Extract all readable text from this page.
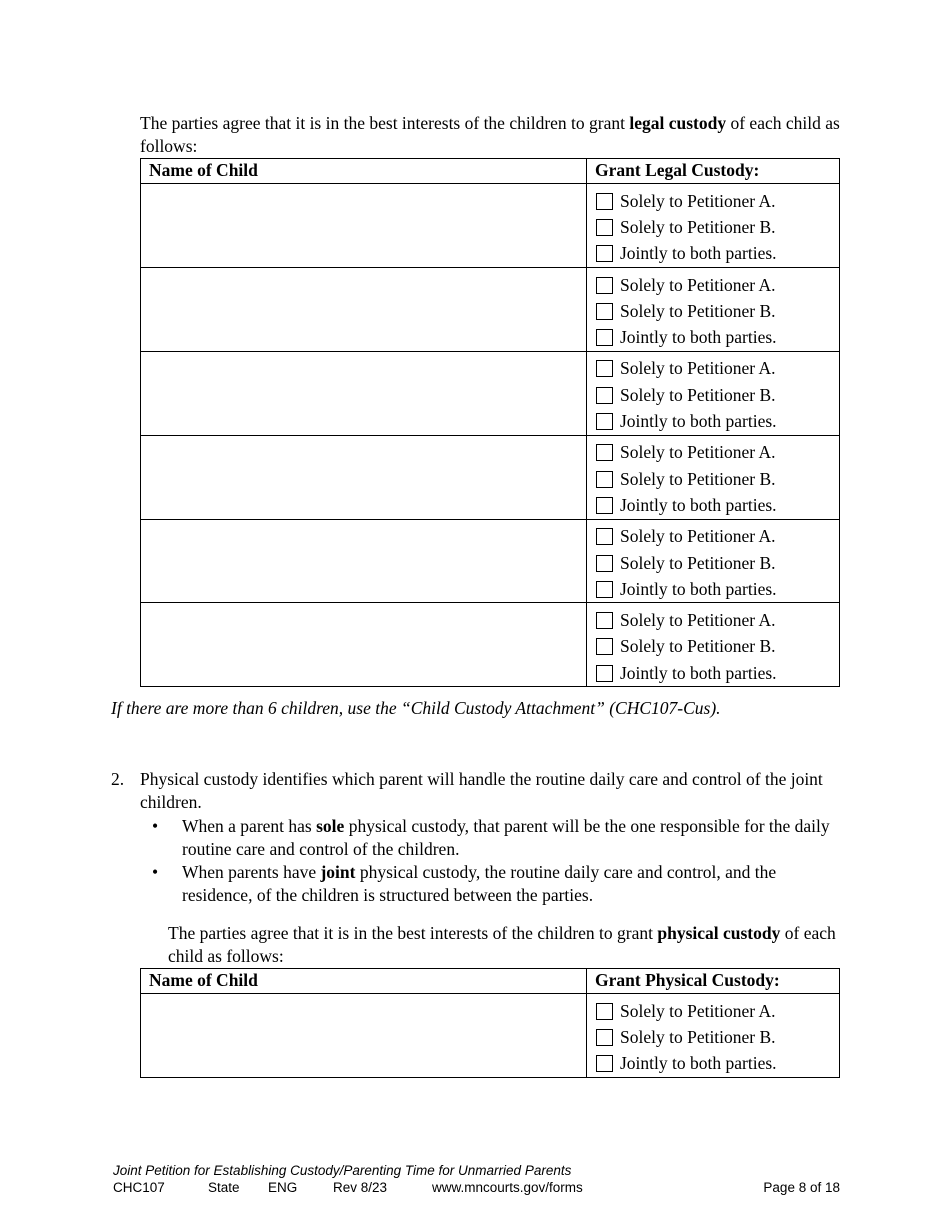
The parties agree that it is in the best interests of the children to grant legal custody of each child as follows:
Name of Child	Grant Legal Custody:

	Solely to Petitioner A.
Solely to Petitioner B.
Jointly to both parties.

	Solely to Petitioner A.
Solely to Petitioner B.
Jointly to both parties.

	Solely to Petitioner A.
Solely to Petitioner B.
Jointly to both parties.

	Solely to Petitioner A.
Solely to Petitioner B.
Jointly to both parties.

	Solely to Petitioner A.
Solely to Petitioner B.
Jointly to both parties.

	Solely to Petitioner A.
Solely to Petitioner B.
Jointly to both parties.
If there are more than 6 children, use the “Child Custody Attachment” (CHC107-Cus).
2. Physical custody identifies which parent will handle the routine daily care and control of the joint children.
• When a parent has sole physical custody, that parent will be the one responsible for the daily routine care and control of the children.
• When parents have joint physical custody, the routine daily care and control, and the residence, of the children is structured between the parties.
The parties agree that it is in the best interests of the children to grant physical custody of each child as follows:
Name of Child	Grant Physical Custody:

	Solely to Petitioner A.
Solely to Petitioner B.
Jointly to both parties.
Joint Petition for Establishing Custody/Parenting Time for Unmarried Parents
CHC107	State ENG	Rev 8/23	www.mncourts.gov/forms	Page 8 of 18
